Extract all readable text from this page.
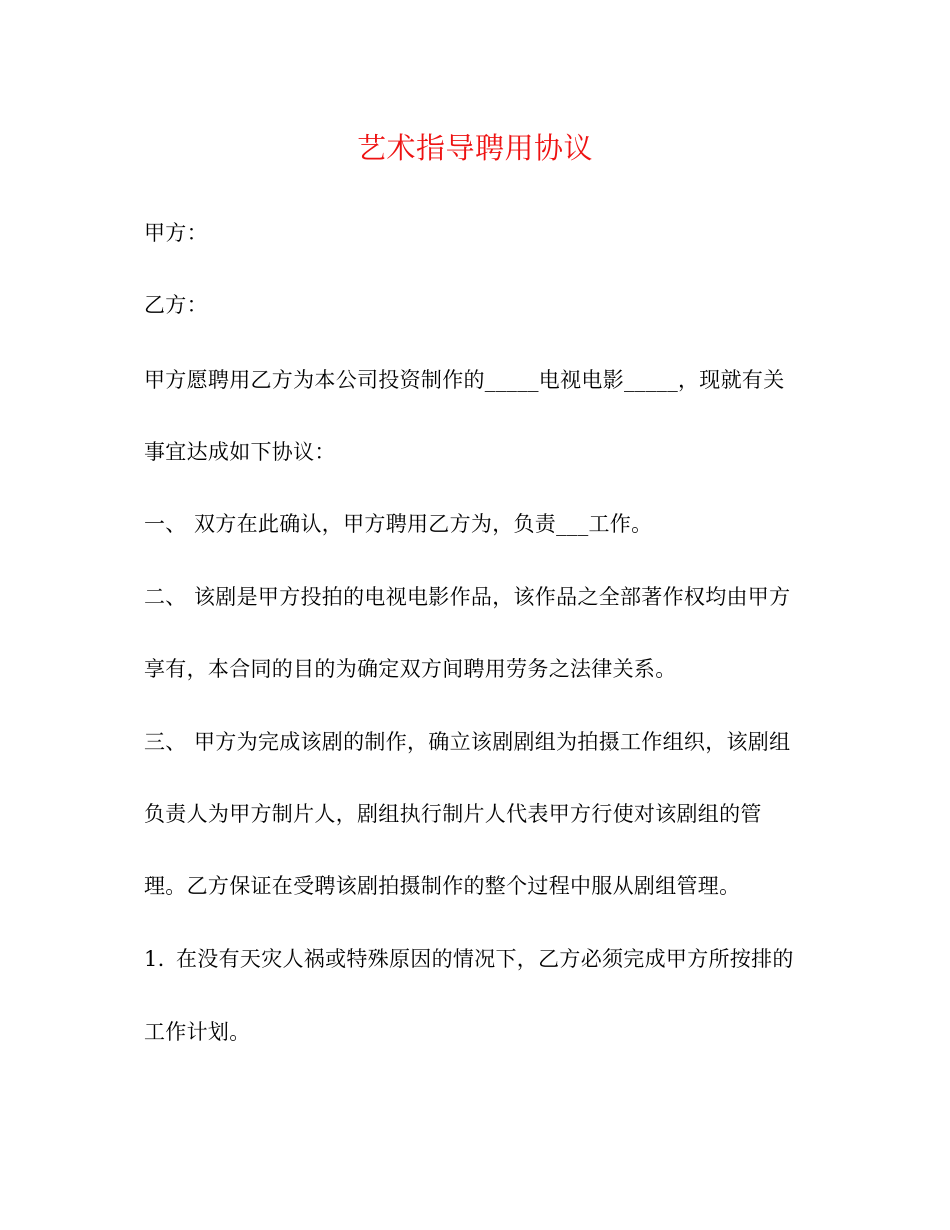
艺术指导聘用协议
甲方：
乙方：
甲方愿聘用乙方为本公司投资制作的_____电视电影_____，现就有关
事宜达成如下协议：
一、 双方在此确认，甲方聘用乙方为，负责___工作。
二、 该剧是甲方投拍的电视电影作品，该作品之全部著作权均由甲方
享有，本合同的目的为确定双方间聘用劳务之法律关系。
三、 甲方为完成该剧的制作，确立该剧剧组为拍摄工作组织，该剧组
负责人为甲方制片人，剧组执行制片人代表甲方行使对该剧组的管
理。乙方保证在受聘该剧拍摄制作的整个过程中服从剧组管理。
1. 在没有天灾人祸或特殊原因的情况下，乙方必须完成甲方所按排的
工作计划。
